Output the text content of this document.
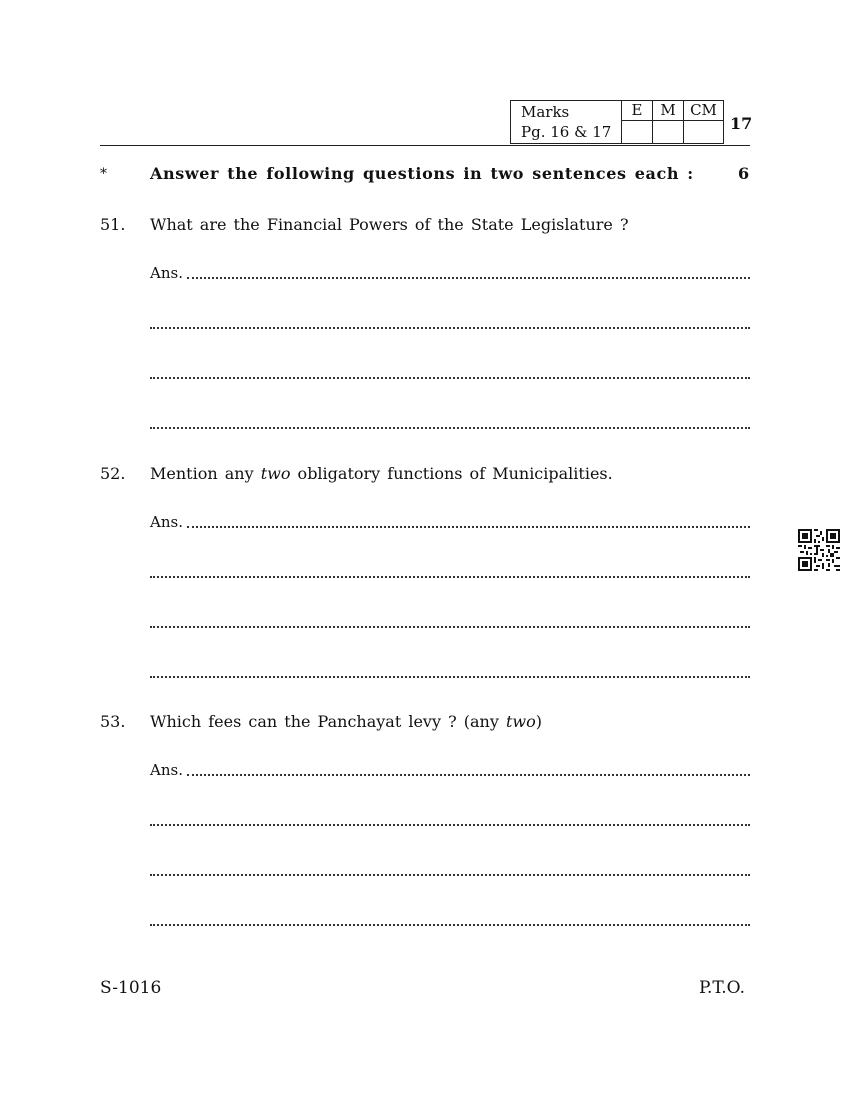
Marks
Pg. 16 & 17
E	M CM
17
*	Answer the following questions in two sentences each :	6
51. What are the Financial Powers of the State Legislature ?
Ans.
52. Mention any two obligatory functions of Municipalities.
Ans.
53. Which fees can the Panchayat levy ? (any two)
Ans.
S-1016	P.T.O.
